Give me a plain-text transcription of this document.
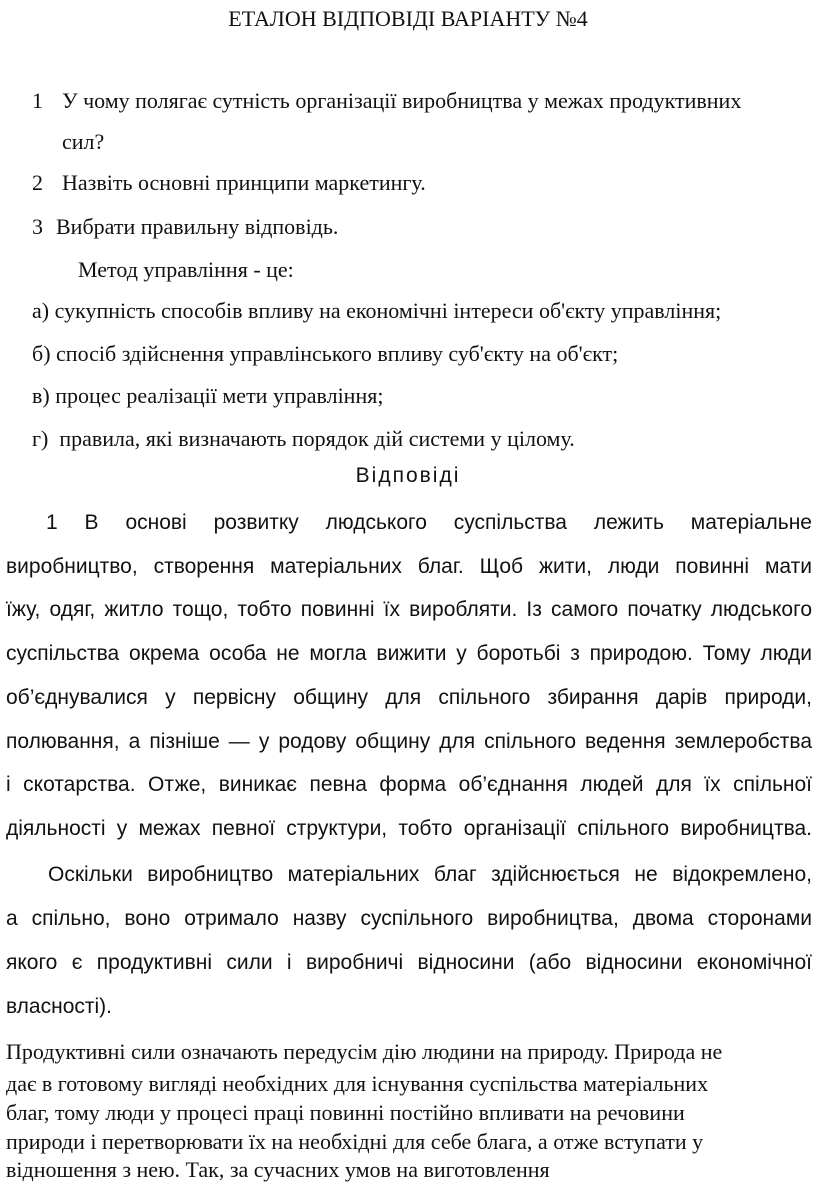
ЕТАЛОН ВІДПОВІДІ ВАРІАНТУ №4
1 У чому полягає сутність організації виробництва у межах продуктивних
сил?
2 Назвіть основні принципи маркетингу.
3 Вибрати правильну відповідь.
Метод управління - це:
а) сукупність способів впливу на економічні інтереси об'єкту управління;
б) спосіб здійснення управлінського впливу суб'єкту на об'єкт;
в) процес реалізації мети управління;
г) правила, які визначають порядок дій системи у цілому.
Відповіді
1 В основі розвитку людського суспільства лежить матеріальне
виробництво, створення матеріальних благ. Щоб жити, люди повинні мати
їжу, одяг, житло тощо, тобто повинні їх виробляти. Із самого початку людського
суспільства окрема особа не могла вижити у боротьбі з природою. Тому люди
об’єднувалися у первісну общину для спільного збирання дарів природи,
полювання, а пізніше — у родову общину для спільного ведення землеробства
і скотарства. Отже, виникає певна форма об’єднання людей для їх спільної
діяльності у межах певної структури, тобто організації спільного виробництва.
Оскільки виробництво матеріальних благ здійснюється не відокремлено,
а спільно, воно отримало назву суспільного виробництва, двома сторонами
якого є продуктивні сили і виробничі відносини (або відносини економічної
власності).
Продуктивні сили означають передусім дію людини на природу. Природа не
дає в готовому вигляді необхідних для існування суспільства матеріальних
благ, тому люди у процесі праці повинні постійно впливати на речовини
природи і перетворювати їх на необхідні для себе блага, а отже вступати у
відношення з нею. Так, за сучасних умов на виготовлення
